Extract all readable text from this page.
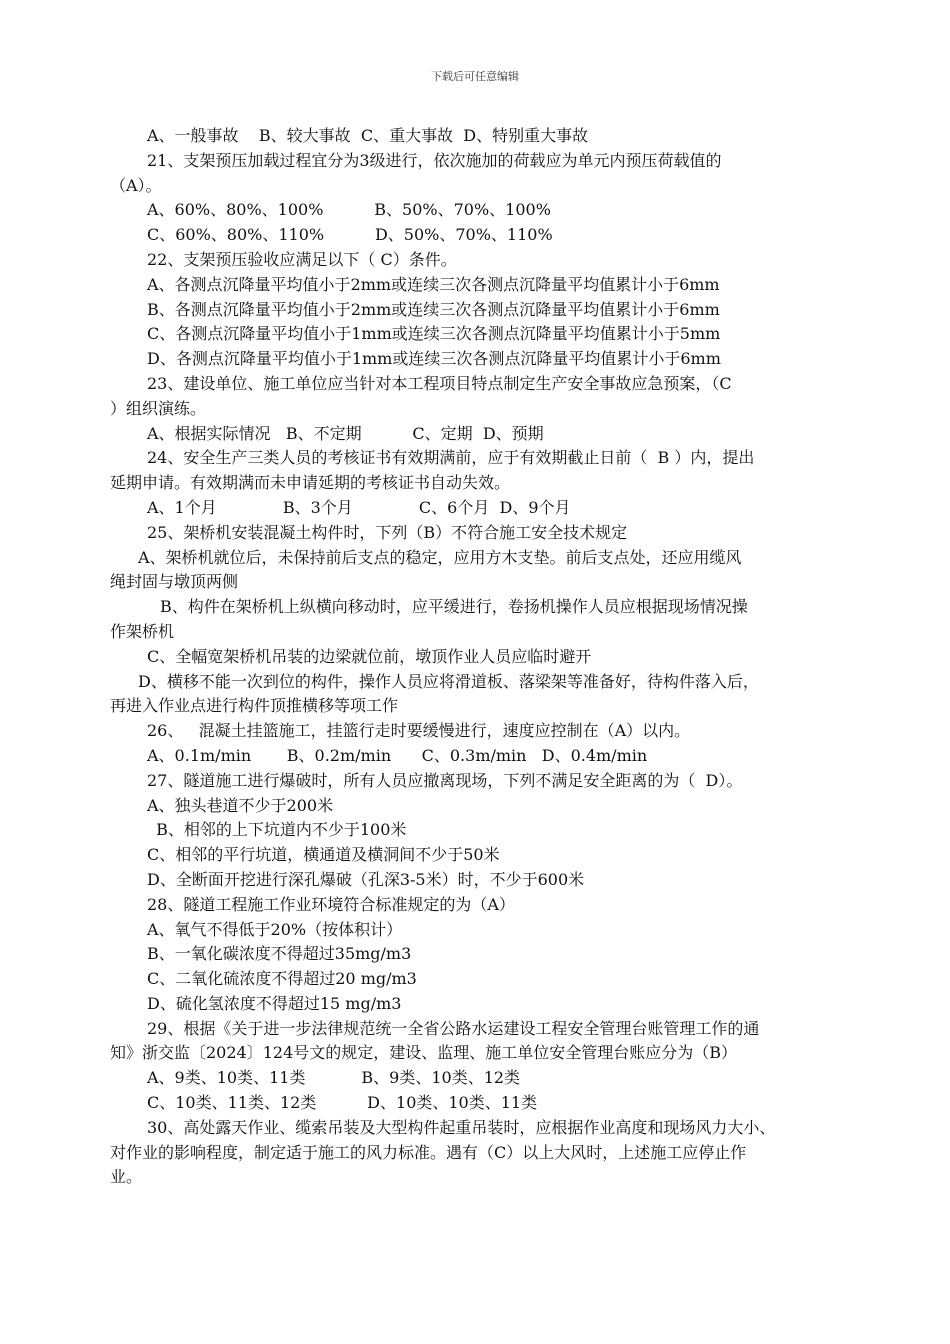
下载后可任意编辑
A、一般事故    B、较大事故  C、重大事故  D、特别重大事故
21、支架预压加载过程宜分为3级进行，依次施加的荷载应为单元内预压荷载值的
（A）。
A、60%、80%、100%          B、50%、70%、100%
C、60%、80%、110%          D、50%、70%、110%
22、支架预压验收应满足以下（ C）条件。
A、各测点沉降量平均值小于2mm或连续三次各测点沉降量平均值累计小于6mm
B、各测点沉降量平均值小于2mm或连续三次各测点沉降量平均值累计小于6mm
C、各测点沉降量平均值小于1mm或连续三次各测点沉降量平均值累计小于5mm
D、各测点沉降量平均值小于1mm或连续三次各测点沉降量平均值累计小于6mm
23、建设单位、施工单位应当针对本工程项目特点制定生产安全事故应急预案，（C
）组织演练。
A、根据实际情况   B、不定期          C、定期  D、预期
24、安全生产三类人员的考核证书有效期满前，应于有效期截止日前（  B ）内，提出
延期申请。有效期满而未申请延期的考核证书自动失效。
A、1个月             B、3个月             C、6个月  D、9个月
25、架桥机安装混凝土构件时，下列（B）不符合施工安全技术规定
A、架桥机就位后，未保持前后支点的稳定，应用方木支垫。前后支点处，还应用缆风
绳封固与墩顶两侧
B、构件在架桥机上纵横向移动时，应平缓进行，卷扬机操作人员应根据现场情况操
作架桥机
C、全幅宽架桥机吊装的边梁就位前，墩顶作业人员应临时避开
D、横移不能一次到位的构件，操作人员应将滑道板、落梁架等准备好，待构件落入后，
再进入作业点进行构件顶推横移等项工作
26、   混凝土挂篮施工，挂篮行走时要缓慢进行，速度应控制在（A）以内。
A、0.1m/min       B、0.2m/min      C、0.3m/min   D、0.4m/min
27、隧道施工进行爆破时，所有人员应撤离现场，下列不满足安全距离的为（  D）。
A、独头巷道不少于200米
B、相邻的上下坑道内不少于100米
C、相邻的平行坑道，横通道及横洞间不少于50米
D、全断面开挖进行深孔爆破（孔深3-5米）时，不少于600米
28、隧道工程施工作业环境符合标准规定的为（A）
A、氧气不得低于20%（按体积计）
B、一氧化碳浓度不得超过35mg/m3
C、二氧化硫浓度不得超过20 mg/m3
D、硫化氢浓度不得超过15 mg/m3
29、根据《关于进一步法律规范统一全省公路水运建设工程安全管理台账管理工作的通
知》浙交监〔2024〕124号文的规定，建设、监理、施工单位安全管理台账应分为（B）
A、9类、10类、11类           B、9类、10类、12类
C、10类、11类、12类          D、10类、10类、11类
30、高处露天作业、缆索吊装及大型构件起重吊装时，应根据作业高度和现场风力大小、
对作业的影响程度，制定适于施工的风力标准。遇有（C）以上大风时，上述施工应停止作
业。
